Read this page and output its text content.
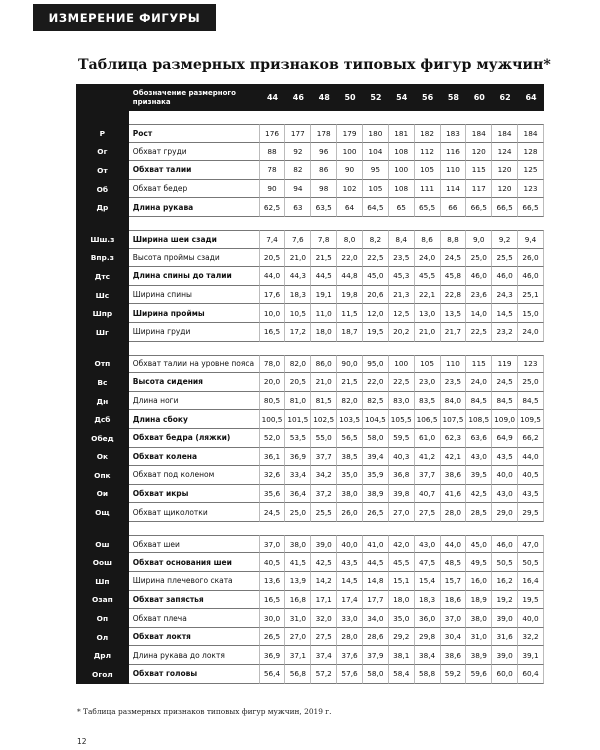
ИЗМЕРЕНИЕ ФИГУРЫ
Таблица размерных признаков типовых фигур мужчин*
	Обозначение размерного признака	44	46	48	50	52	54	56	58	60	62	64

Р	Рост	176	177	178	179	180	181	182	183	184	184	184
Ог	Обхват груди	88	92	96	100	104	108	112	116	120	124	128
От	Обхват талии	78	82	86	90	95	100	105	110	115	120	125
Об	Обхват бедер	90	94	98	102	105	108	111	114	117	120	123
Др	Длина рукава	62,5	63	63,5	64	64,5	65	65,5	66	66,5	66,5	66,5

Шш.з	Ширина шеи сзади	7,4	7,6	7,8	8,0	8,2	8,4	8,6	8,8	9,0	9,2	9,4
Впр.з	Высота проймы сзади	20,5	21,0	21,5	22,0	22,5	23,5	24,0	24,5	25,0	25,5	26,0
Дтс	Длина спины до талии	44,0	44,3	44,5	44,8	45,0	45,3	45,5	45,8	46,0	46,0	46,0
Шс	Ширина спины	17,6	18,3	19,1	19,8	20,6	21,3	22,1	22,8	23,6	24,3	25,1
Шпр	Ширина проймы	10,0	10,5	11,0	11,5	12,0	12,5	13,0	13,5	14,0	14,5	15,0
Шг	Ширина груди	16,5	17,2	18,0	18,7	19,5	20,2	21,0	21,7	22,5	23,2	24,0

Отп	Обхват талии на уровне пояса	78,0	82,0	86,0	90,0	95,0	100	105	110	115	119	123
Вс	Высота сидения	20,0	20,5	21,0	21,5	22,0	22,5	23,0	23,5	24,0	24,5	25,0
Дн	Длина ноги	80,5	81,0	81,5	82,0	82,5	83,0	83,5	84,0	84,5	84,5	84,5
Дсб	Длина сбоку	100,5	101,5	102,5	103,5	104,5	105,5	106,5	107,5	108,5	109,0	109,5
Обед	Обхват бедра (ляжки)	52,0	53,5	55,0	56,5	58,0	59,5	61,0	62,3	63,6	64,9	66,2
Ок	Обхват колена	36,1	36,9	37,7	38,5	39,4	40,3	41,2	42,1	43,0	43,5	44,0
Опк	Обхват под коленом	32,6	33,4	34,2	35,0	35,9	36,8	37,7	38,6	39,5	40,0	40,5
Ои	Обхват икры	35,6	36,4	37,2	38,0	38,9	39,8	40,7	41,6	42,5	43,0	43,5
Ощ	Обхват щиколотки	24,5	25,0	25,5	26,0	26,5	27,0	27,5	28,0	28,5	29,0	29,5

Ош	Обхват шеи	37,0	38,0	39,0	40,0	41,0	42,0	43,0	44,0	45,0	46,0	47,0
Оош	Обхват основания шеи	40,5	41,5	42,5	43,5	44,5	45,5	47,5	48,5	49,5	50,5	50,5
Шп	Ширина плечевого ската	13,6	13,9	14,2	14,5	14,8	15,1	15,4	15,7	16,0	16,2	16,4
Озап	Обхват запястья	16,5	16,8	17,1	17,4	17,7	18,0	18,3	18,6	18,9	19,2	19,5
Оп	Обхват плеча	30,0	31,0	32,0	33,0	34,0	35,0	36,0	37,0	38,0	39,0	40,0
Ол	Обхват локтя	26,5	27,0	27,5	28,0	28,6	29,2	29,8	30,4	31,0	31,6	32,2
Дрл	Длина рукава до локтя	36,9	37,1	37,4	37,6	37,9	38,1	38,4	38,6	38,9	39,0	39,1
Огол	Обхват головы	56,4	56,8	57,2	57,6	58,0	58,4	58,8	59,2	59,6	60,0	60,4
* Таблица размерных признаков типовых фигур мужчин, 2019 г.
12
